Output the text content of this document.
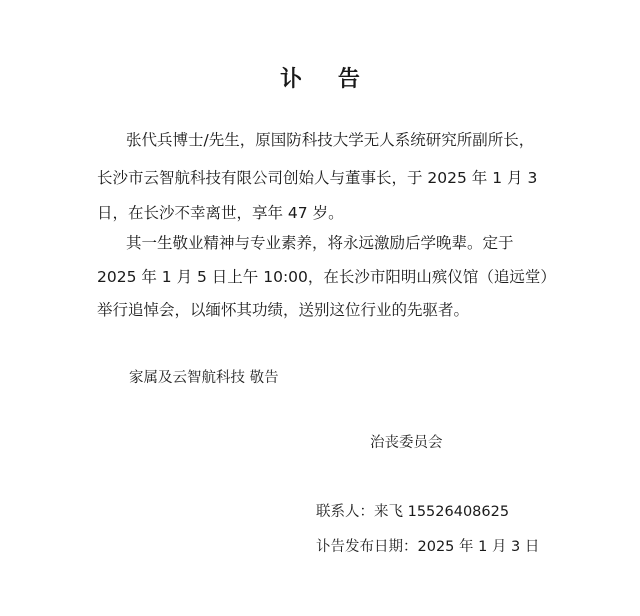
讣 告
张代兵博士/先生，原国防科技大学无人系统研究所副所长，
长沙市云智航科技有限公司创始人与董事长，于 2025 年 1 月 3
日，在长沙不幸离世，享年 47 岁。
其一生敬业精神与专业素养，将永远激励后学晚辈。定于
2025 年 1 月 5 日上午 10:00，在长沙市阳明山殡仪馆（追远堂）
举行追悼会，以缅怀其功绩，送别这位行业的先驱者。
家属及云智航科技 敬告
治丧委员会
联系人：来飞 15526408625
讣告发布日期：2025 年 1 月 3 日
